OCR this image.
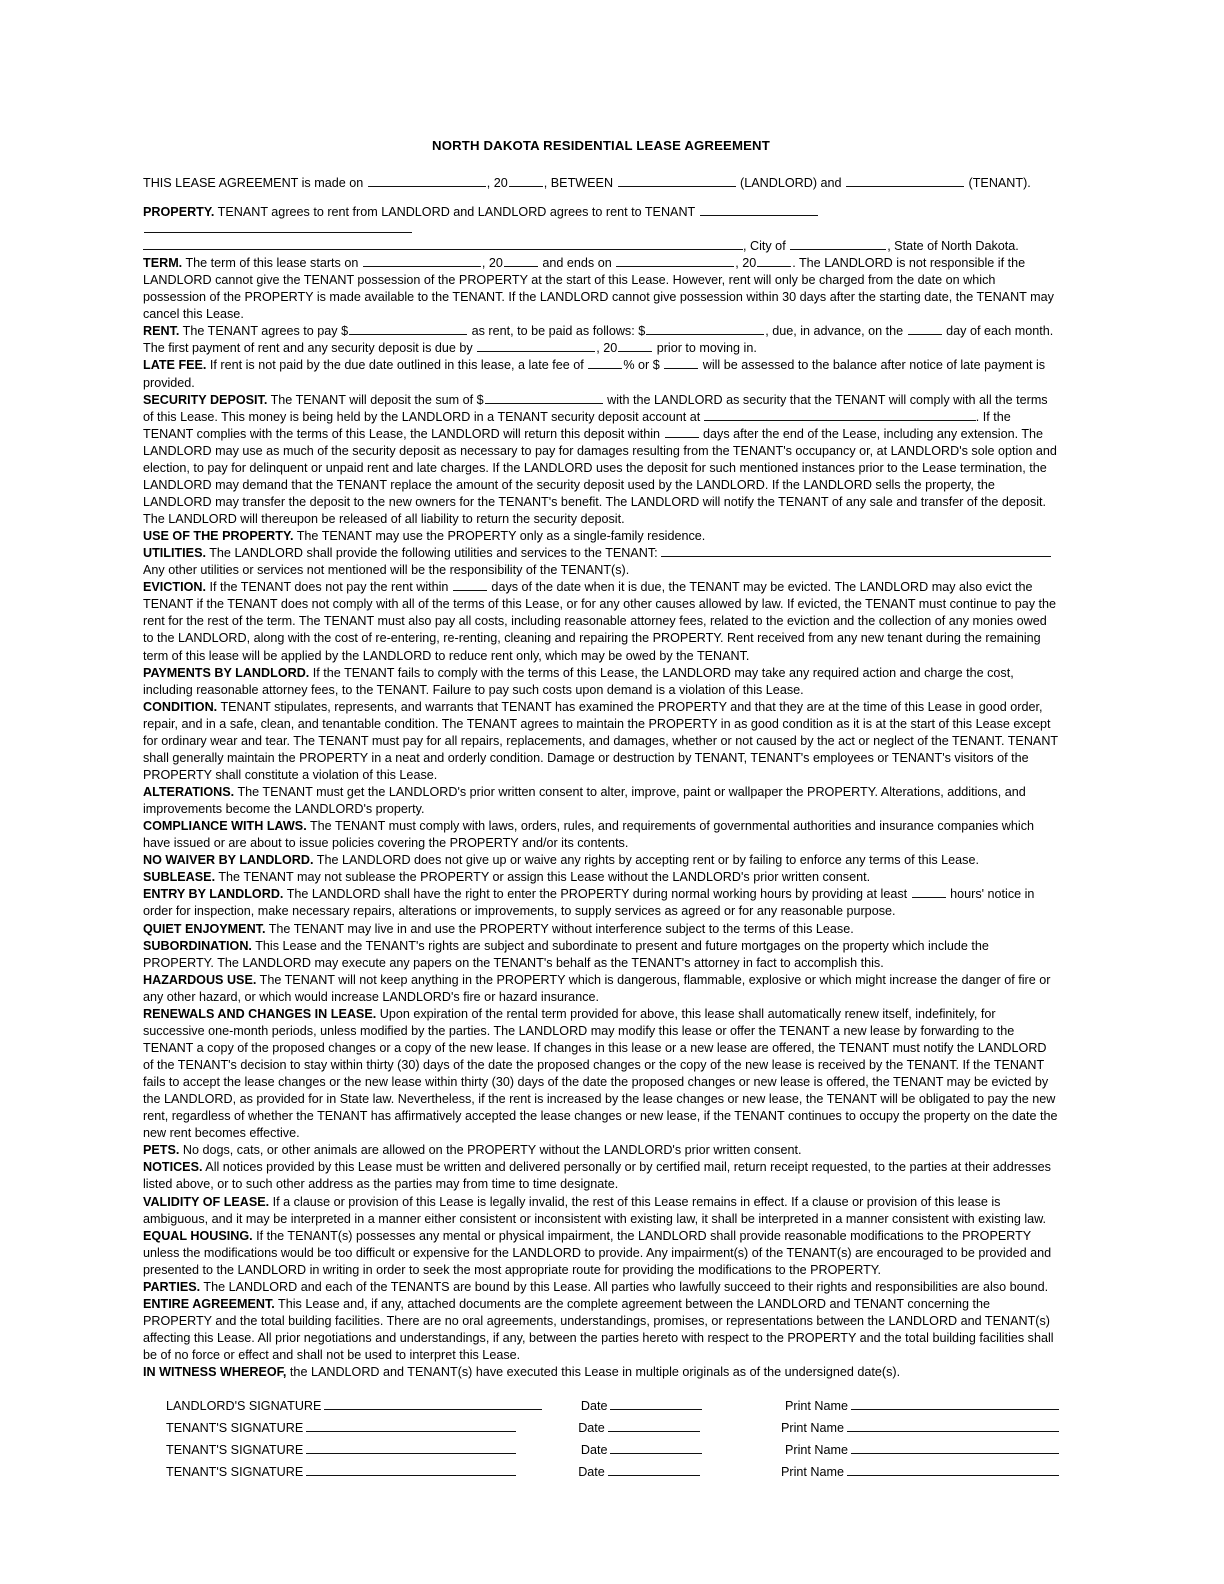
NORTH DAKOTA RESIDENTIAL LEASE AGREEMENT

THIS LEASE AGREEMENT is made on	, 20	, BETWEEN	(LANDLORD) and	(TENANT).

PROPERTY. TENANT agrees to rent from LANDLORD and LANDLORD agrees to rent to TENANT
, City of	, State of North Dakota.

TERM. The term of this lease starts on	, 20	and ends on	, 20	. The LANDLORD is not responsible if the LANDLORD cannot give the TENANT possession of the PROPERTY at the start of this Lease. However, rent will only be charged from the date on which possession of the PROPERTY is made available to the TENANT. If the LANDLORD cannot give possession within 30 days after the starting date, the TENANT may cancel this Lease.

RENT. The TENANT agrees to pay $	as rent, to be paid as follows: $	, due, in advance, on the	day of each month. The first payment of rent and any security deposit is due by	, 20	prior to moving in.

LATE FEE. If rent is not paid by the due date outlined in this lease, a late fee of	% or $	will be assessed to the balance after notice of late payment is provided.

SECURITY DEPOSIT. The TENANT will deposit the sum of $	with the LANDLORD as security that the TENANT will comply with all the terms of this Lease. This money is being held by the LANDLORD in a TENANT security deposit account at	. If the TENANT complies with the terms of this Lease, the LANDLORD will return this deposit within	days after the end of the Lease, including any extension. The LANDLORD may use as much of the security deposit as necessary to pay for damages resulting from the TENANT's occupancy or, at LANDLORD's sole option and election, to pay for delinquent or unpaid rent and late charges. If the LANDLORD uses the deposit for such mentioned instances prior to the Lease termination, the LANDLORD may demand that the TENANT replace the amount of the security deposit used by the LANDLORD. If the LANDLORD sells the property, the LANDLORD may transfer the deposit to the new owners for the TENANT's benefit. The LANDLORD will notify the TENANT of any sale and transfer of the deposit. The LANDLORD will thereupon be released of all liability to return the security deposit.

USE OF THE PROPERTY. The TENANT may use the PROPERTY only as a single-family residence.

UTILITIES. The LANDLORD shall provide the following utilities and services to the TENANT:
Any other utilities or services not mentioned will be the responsibility of the TENANT(s).

EVICTION. If the TENANT does not pay the rent within	days of the date when it is due, the TENANT may be evicted. The LANDLORD may also evict the TENANT if the TENANT does not comply with all of the terms of this Lease, or for any other causes allowed by law. If evicted, the TENANT must continue to pay the rent for the rest of the term. The TENANT must also pay all costs, including reasonable attorney fees, related to the eviction and the collection of any monies owed to the LANDLORD, along with the cost of re-entering, re-renting, cleaning and repairing the PROPERTY. Rent received from any new tenant during the remaining term of this lease will be applied by the LANDLORD to reduce rent only, which may be owed by the TENANT.

PAYMENTS BY LANDLORD. If the TENANT fails to comply with the terms of this Lease, the LANDLORD may take any required action and charge the cost, including reasonable attorney fees, to the TENANT. Failure to pay such costs upon demand is a violation of this Lease.

CONDITION. TENANT stipulates, represents, and warrants that TENANT has examined the PROPERTY and that they are at the time of this Lease in good order, repair, and in a safe, clean, and tenantable condition. The TENANT agrees to maintain the PROPERTY in as good condition as it is at the start of this Lease except for ordinary wear and tear. The TENANT must pay for all repairs, replacements, and damages, whether or not caused by the act or neglect of the TENANT. TENANT shall generally maintain the PROPERTY in a neat and orderly condition. Damage or destruction by TENANT, TENANT's employees or TENANT's visitors of the PROPERTY shall constitute a violation of this Lease.

ALTERATIONS. The TENANT must get the LANDLORD's prior written consent to alter, improve, paint or wallpaper the PROPERTY. Alterations, additions, and improvements become the LANDLORD's property.

COMPLIANCE WITH LAWS. The TENANT must comply with laws, orders, rules, and requirements of governmental authorities and insurance companies which have issued or are about to issue policies covering the PROPERTY and/or its contents.

NO WAIVER BY LANDLORD. The LANDLORD does not give up or waive any rights by accepting rent or by failing to enforce any terms of this Lease.

SUBLEASE. The TENANT may not sublease the PROPERTY or assign this Lease without the LANDLORD's prior written consent.

ENTRY BY LANDLORD. The LANDLORD shall have the right to enter the PROPERTY during normal working hours by providing at least	hours' notice in order for inspection, make necessary repairs, alterations or improvements, to supply services as agreed or for any reasonable purpose.

QUIET ENJOYMENT. The TENANT may live in and use the PROPERTY without interference subject to the terms of this Lease.

SUBORDINATION. This Lease and the TENANT's rights are subject and subordinate to present and future mortgages on the property which include the PROPERTY. The LANDLORD may execute any papers on the TENANT's behalf as the TENANT's attorney in fact to accomplish this.

HAZARDOUS USE. The TENANT will not keep anything in the PROPERTY which is dangerous, flammable, explosive or which might increase the danger of fire or any other hazard, or which would increase LANDLORD's fire or hazard insurance.

RENEWALS AND CHANGES IN LEASE. Upon expiration of the rental term provided for above, this lease shall automatically renew itself, indefinitely, for successive one-month periods, unless modified by the parties. The LANDLORD may modify this lease or offer the TENANT a new lease by forwarding to the TENANT a copy of the proposed changes or a copy of the new lease. If changes in this lease or a new lease are offered, the TENANT must notify the LANDLORD of the TENANT's decision to stay within thirty (30) days of the date the proposed changes or the copy of the new lease is received by the TENANT. If the TENANT fails to accept the lease changes or the new lease within thirty (30) days of the date the proposed changes or new lease is offered, the TENANT may be evicted by the LANDLORD, as provided for in State law. Nevertheless, if the rent is increased by the lease changes or new lease, the TENANT will be obligated to pay the new rent, regardless of whether the TENANT has affirmatively accepted the lease changes or new lease, if the TENANT continues to occupy the property on the date the new rent becomes effective.

PETS. No dogs, cats, or other animals are allowed on the PROPERTY without the LANDLORD's prior written consent.

NOTICES. All notices provided by this Lease must be written and delivered personally or by certified mail, return receipt requested, to the parties at their addresses listed above, or to such other address as the parties may from time to time designate.

VALIDITY OF LEASE. If a clause or provision of this Lease is legally invalid, the rest of this Lease remains in effect. If a clause or provision of this lease is ambiguous, and it may be interpreted in a manner either consistent or inconsistent with existing law, it shall be interpreted in a manner consistent with existing law.

EQUAL HOUSING. If the TENANT(s) possesses any mental or physical impairment, the LANDLORD shall provide reasonable modifications to the PROPERTY unless the modifications would be too difficult or expensive for the LANDLORD to provide. Any impairment(s) of the TENANT(s) are encouraged to be provided and presented to the LANDLORD in writing in order to seek the most appropriate route for providing the modifications to the PROPERTY.

PARTIES. The LANDLORD and each of the TENANTS are bound by this Lease. All parties who lawfully succeed to their rights and responsibilities are also bound.

ENTIRE AGREEMENT. This Lease and, if any, attached documents are the complete agreement between the LANDLORD and TENANT concerning the PROPERTY and the total building facilities. There are no oral agreements, understandings, promises, or representations between the LANDLORD and TENANT(s) affecting this Lease. All prior negotiations and understandings, if any, between the parties hereto with respect to the PROPERTY and the total building facilities shall be of no force or effect and shall not be used to interpret this Lease.

IN WITNESS WHEREOF, the LANDLORD and TENANT(s) have executed this Lease in multiple originals as of the undersigned date(s).

LANDLORD'S SIGNATURE	Date	Print Name
TENANT'S SIGNATURE	Date	Print Name
TENANT'S SIGNATURE	Date	Print Name
TENANT'S SIGNATURE	Date	Print Name
